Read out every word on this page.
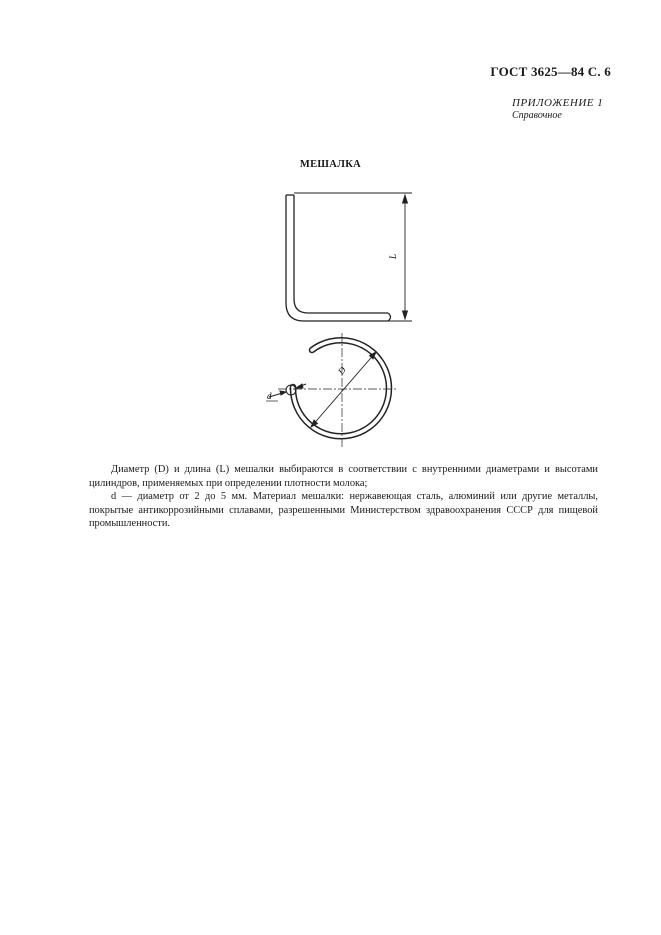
ГОСТ 3625—84 С. 6
ПРИЛОЖЕНИЕ 1
Справочное
МЕШАЛКА
L
D
d

Диаметр (D) и длина (L) мешалки выбираются в соответствии с внутренними диаметрами и высотами цилиндров, применяемых при определении плотности молока;

d — диаметр от 2 до 5 мм. Материал мешалки: нержавеющая сталь, алюминий или другие металлы, покрытые антикоррозийными сплавами, разрешенными Министерством здравоохранения СССР для пищевой промышленности.
